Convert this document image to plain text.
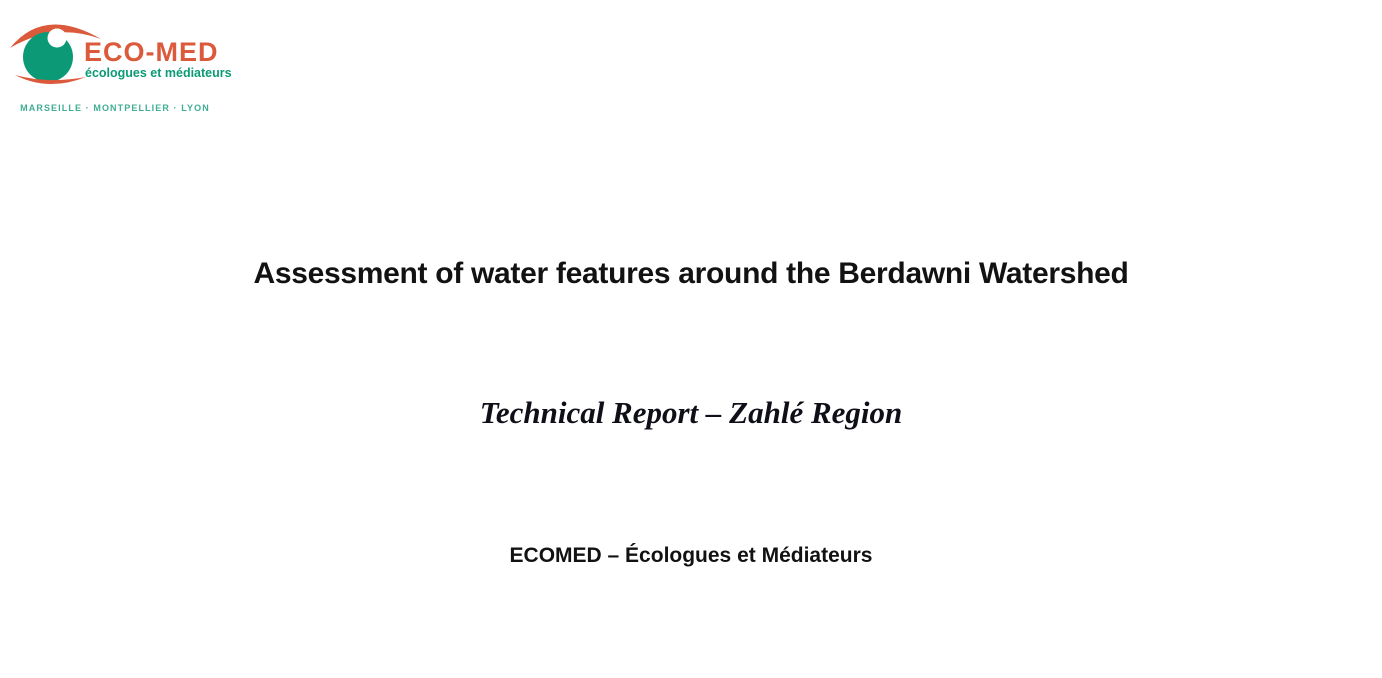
ECO-MED
écologues et médiateurs
MARSEILLE · MONTPELLIER · LYON
Assessment of water features around the Berdawni Watershed
Technical Report – Zahlé Region
ECOMED – Écologues et Médiateurs
